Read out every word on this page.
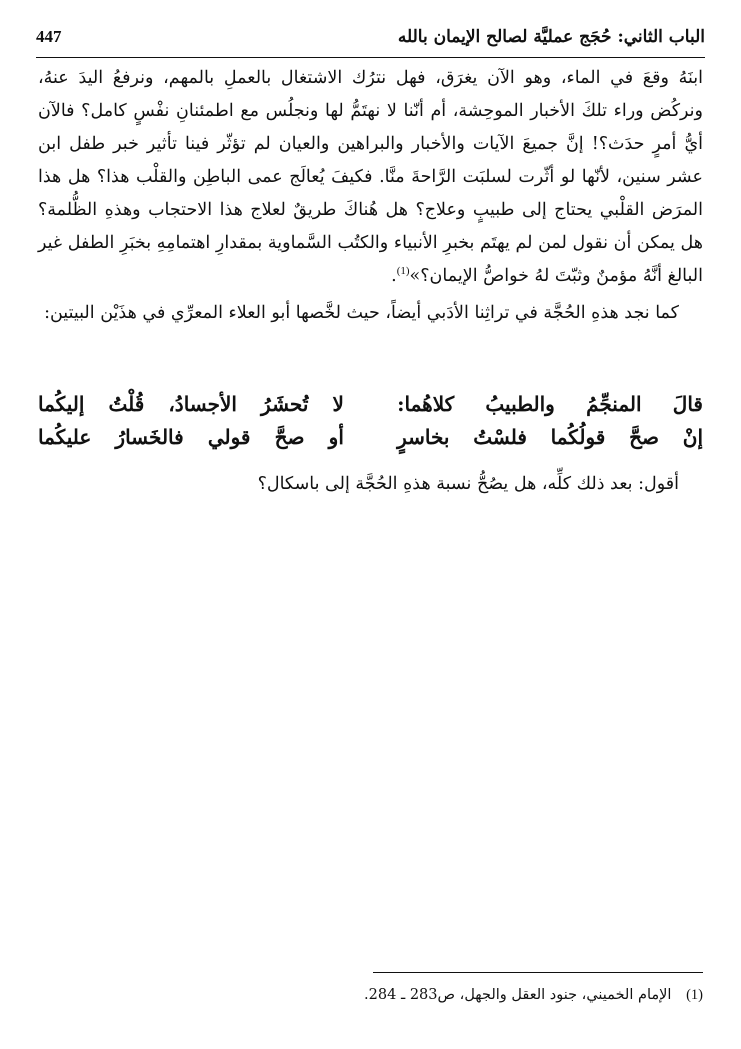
الباب الثاني: حُجَج عمليَّة لصالح الإيمان بالله
447

ابنَهُ وقعَ في الماء، وهو الآن يغرَق، فهل نترُك الاشتغال بالعملِ بالمهم، ونرفعُ اليدَ عنهُ، ونركُض وراء تلكَ الأخبار الموحِشة، أم أنّنا لا نهتَمُّ لها ونجلُس مع اطمئنانِ نفْسٍ كامل؟ فالآن أيُّ أمرٍ حدَث؟! إنَّ جميعَ الآيات والأخبار والبراهين والعيان لم تؤثّر فينا تأثير خبر طفل ابن عشر سنين، لأنّها لو أثّرت لسلبَت الرَّاحةَ منَّا. فكيفَ يُعالَج عمى الباطِن والقلْب هذا؟ هل هذا المرَض القلْبي يحتاج إلى طبيبٍ وعلاج؟ هل هُناكَ طريقٌ لعلاج هذا الاحتجاب وهذهِ الظُّلمة؟ هل يمكن أن نقول لمن لم يهتَم بخبرِ الأنبياء والكتُب السَّماوية بمقدارِ اهتمامِهِ بخبَرِ الطفل غير البالغ أنَّهُ مؤمنٌ وثبّتَ لهُ خواصُّ الإيمان؟»$^{(1)}$.

كما نجد هذهِ الحُجَّة في تراثِنا الأدَبي أيضاً، حيث لخَّصها أبو العلاء المعرِّي في هذَيْن البيتين:

قالَ المنجِّمُ والطبيبُ كلاهُما:
لا تُحشَرُ الأجسادُ، قُلْتُ إليكُما
إنْ صحَّ قولُكُما فلسْتُ بخاسرٍ
أو صحَّ قولي فالخَسارُ عليكُما
أقول: بعد ذلك كلِّه، هل يصُحُّ نسبة هذهِ الحُجَّة إلى باسكال؟
(1) الإمام الخميني، جنود العقل والجهل، ص283 ـ 284.
